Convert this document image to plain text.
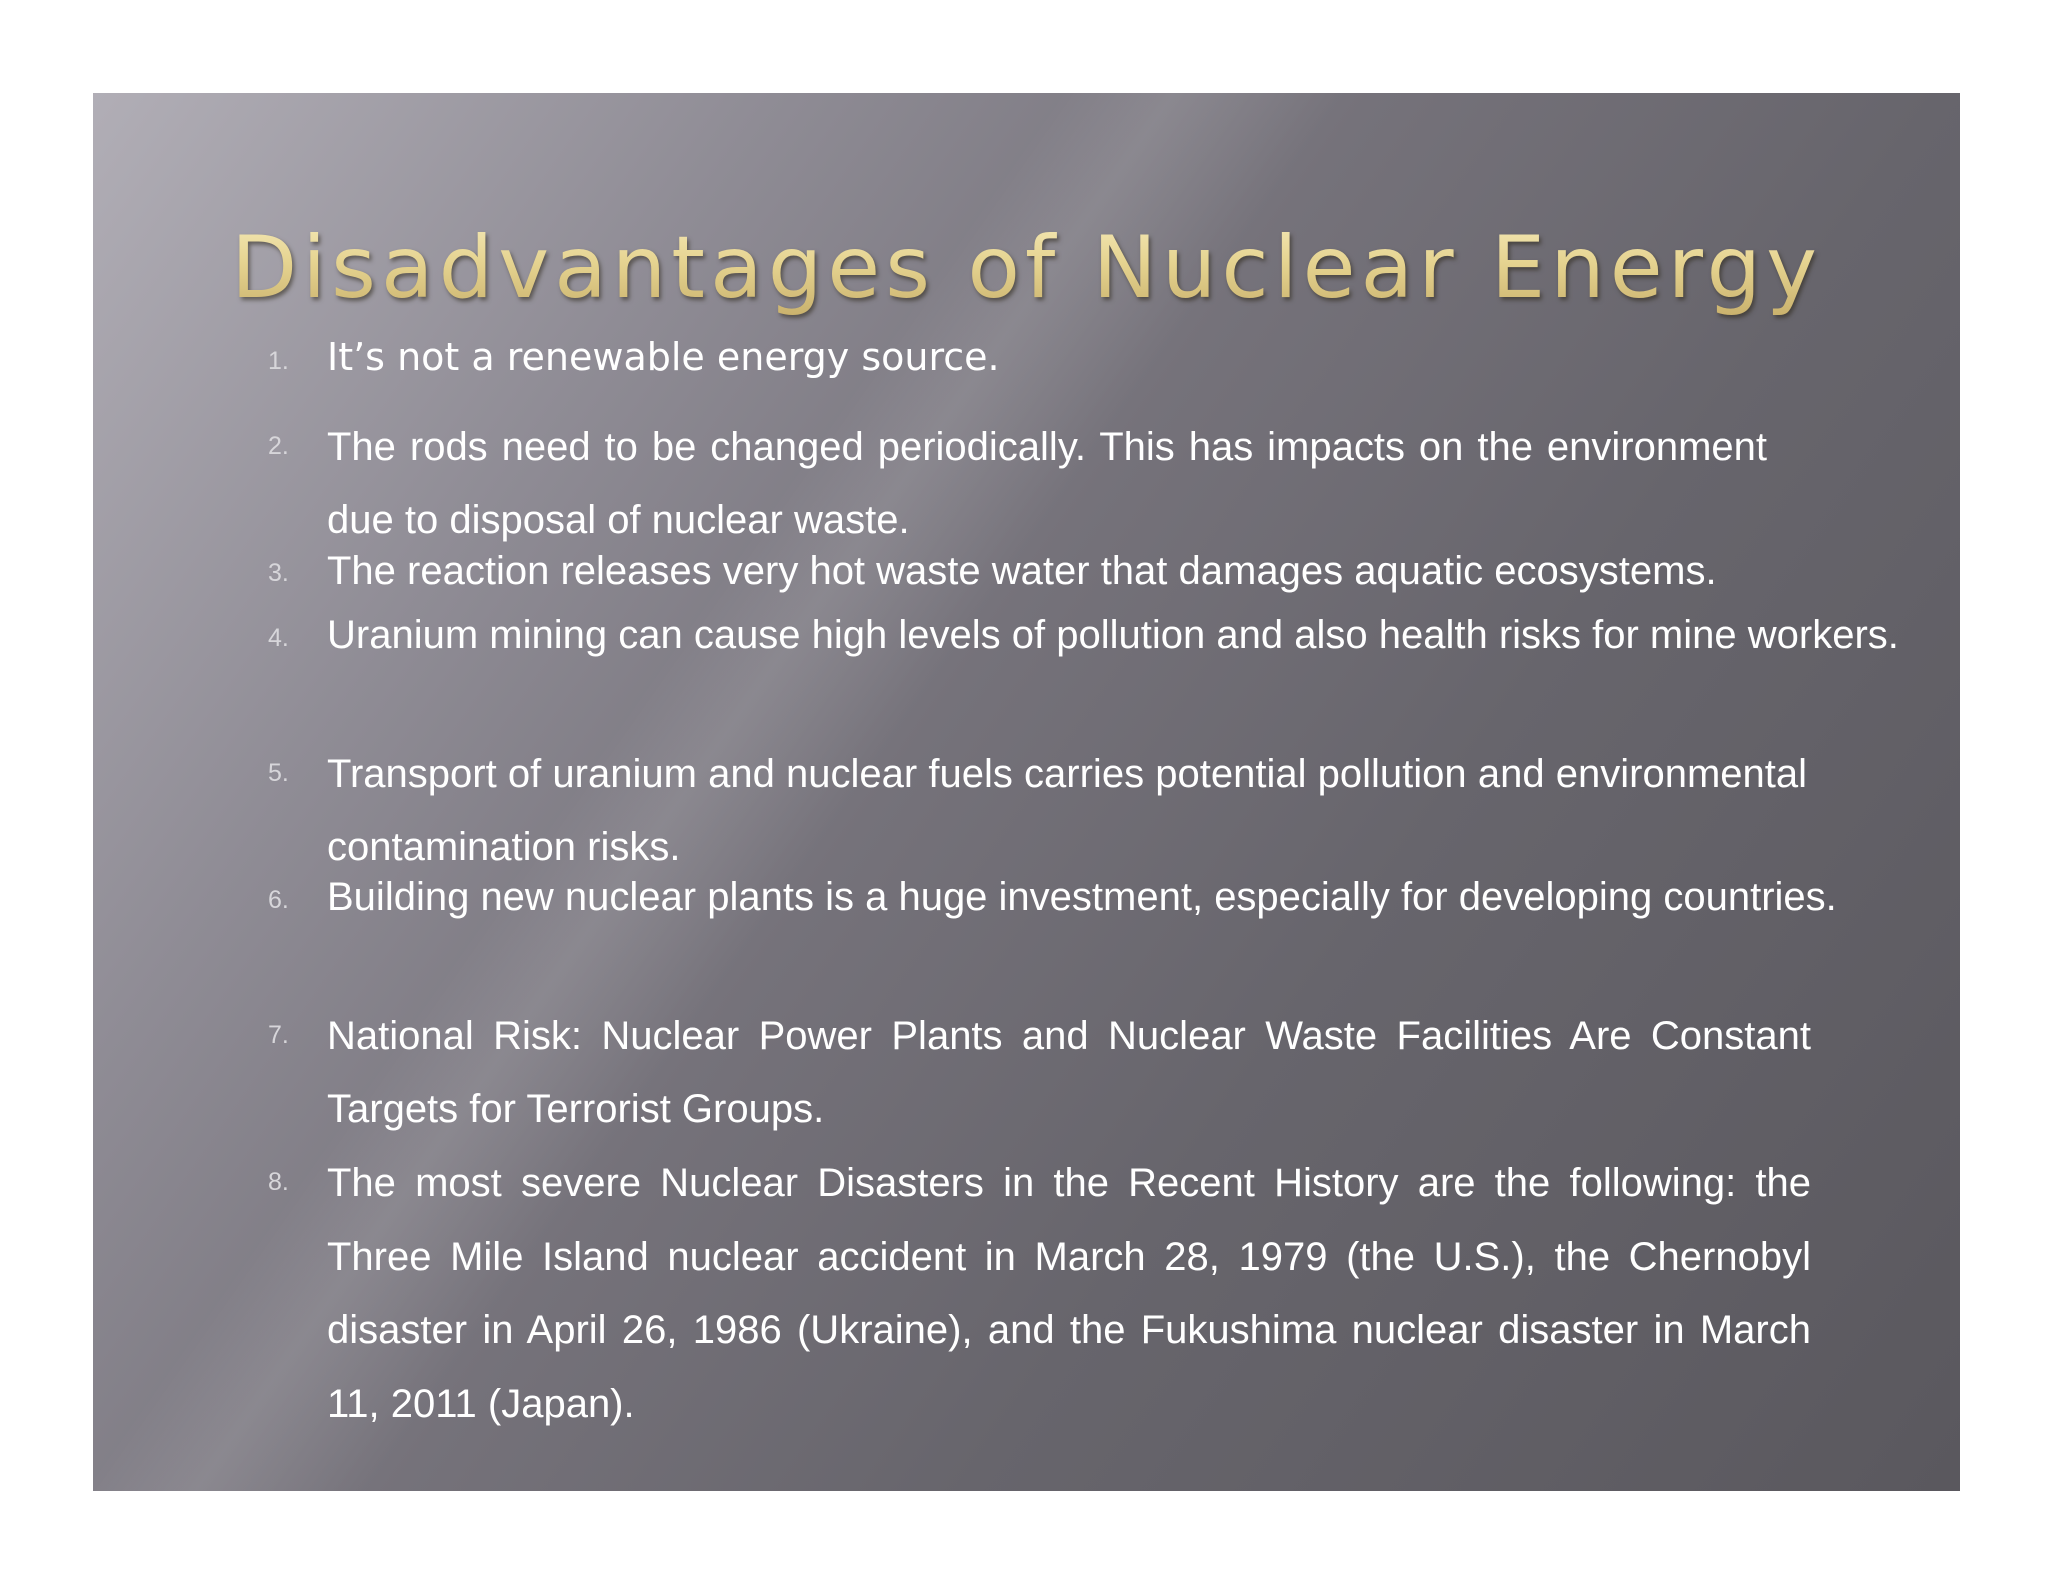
Disadvantages of Nuclear Energy
1. It’s not a renewable energy source.
2. The rods need to be changed periodically. This has impacts on the environment due to disposal of nuclear waste.
3. The reaction releases very hot waste water that damages aquatic ecosystems.
4. Uranium mining can cause high levels of pollution and also health risks for mine workers.
5. Transport of uranium and nuclear fuels carries potential pollution and environmental contamination risks.
6. Building new nuclear plants is a huge investment, especially for developing countries.
7. National Risk: Nuclear Power Plants and Nuclear Waste Facilities Are Constant Targets for Terrorist Groups.
8. The most severe Nuclear Disasters in the Recent History are the following: the Three Mile Island nuclear accident in March 28, 1979 (the U.S.), the Chernobyl disaster in April 26, 1986 (Ukraine), and the Fukushima nuclear disaster in March 11, 2011 (Japan).
